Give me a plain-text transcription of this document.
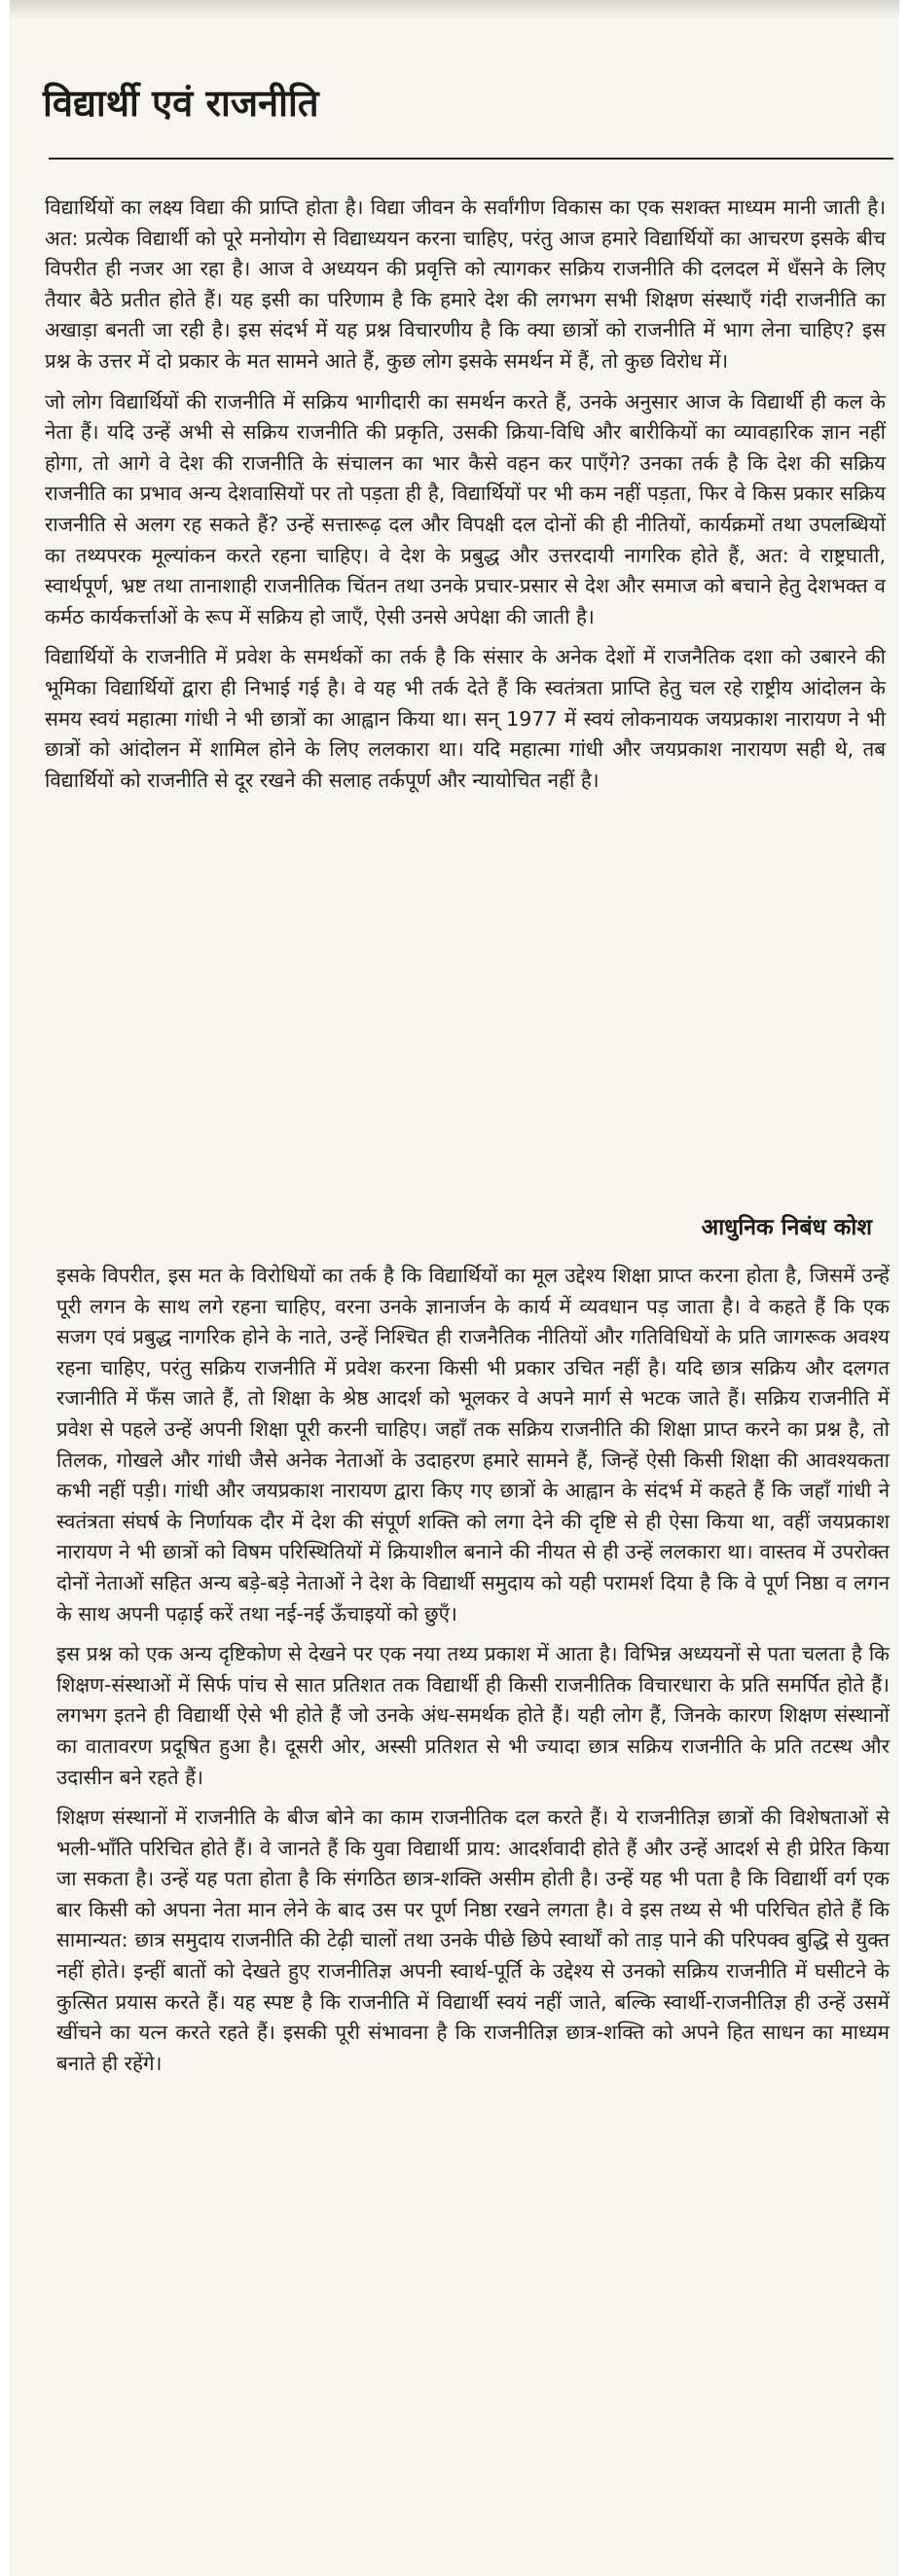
विद्यार्थी एवं राजनीति

विद्यार्थियों का लक्ष्य विद्या की प्राप्ति होता है। विद्या जीवन के सर्वांगीण विकास का एक सशक्त माध्यम मानी जाती है। अत: प्रत्येक विद्यार्थी को पूरे मनोयोग से विद्याध्ययन करना चाहिए, परंतु आज हमारे विद्यार्थियों का आचरण इसके बीच विपरीत ही नजर आ रहा है। आज वे अध्ययन की प्रवृत्ति को त्यागकर सक्रिय राजनीति की दलदल में धँसने के लिए तैयार बैठे प्रतीत होते हैं। यह इसी का परिणाम है कि हमारे देश की लगभग सभी शिक्षण संस्थाएँ गंदी राजनीति का अखाड़ा बनती जा रही है। इस संदर्भ में यह प्रश्न विचारणीय है कि क्या छात्रों को राजनीति में भाग लेना चाहिए? इस प्रश्न के उत्तर में दो प्रकार के मत सामने आते हैं, कुछ लोग इसके समर्थन में हैं, तो कुछ विरोध में।

जो लोग विद्यार्थियों की राजनीति में सक्रिय भागीदारी का समर्थन करते हैं, उनके अनुसार आज के विद्यार्थी ही कल के नेता हैं। यदि उन्हें अभी से सक्रिय राजनीति की प्रकृति, उसकी क्रिया-विधि और बारीकियों का व्यावहारिक ज्ञान नहीं होगा, तो आगे वे देश की राजनीति के संचालन का भार कैसे वहन कर पाएँगे? उनका तर्क है कि देश की सक्रिय राजनीति का प्रभाव अन्य देशवासियों पर तो पड़ता ही है, विद्यार्थियों पर भी कम नहीं पड़ता, फिर वे किस प्रकार सक्रिय राजनीति से अलग रह सकते हैं? उन्हें सत्तारूढ़ दल और विपक्षी दल दोनों की ही नीतियों, कार्यक्रमों तथा उपलब्धियों का तथ्यपरक मूल्यांकन करते रहना चाहिए। वे देश के प्रबुद्ध और उत्तरदायी नागरिक होते हैं, अत: वे राष्ट्रघाती, स्वार्थपूर्ण, भ्रष्ट तथा तानाशाही राजनीतिक चिंतन तथा उनके प्रचार-प्रसार से देश और समाज को बचाने हेतु देशभक्त व कर्मठ कार्यकर्त्ताओं के रूप में सक्रिय हो जाएँ, ऐसी उनसे अपेक्षा की जाती है।

विद्यार्थियों के राजनीति में प्रवेश के समर्थकों का तर्क है कि संसार के अनेक देशों में राजनैतिक दशा को उबारने की भूमिका विद्यार्थियों द्वारा ही निभाई गई है। वे यह भी तर्क देते हैं कि स्वतंत्रता प्राप्ति हेतु चल रहे राष्ट्रीय आंदोलन के समय स्वयं महात्मा गांधी ने भी छात्रों का आह्वान किया था। सन् 1977 में स्वयं लोकनायक जयप्रकाश नारायण ने भी छात्रों को आंदोलन में शामिल होने के लिए ललकारा था। यदि महात्मा गांधी और जयप्रकाश नारायण सही थे, तब विद्यार्थियों को राजनीति से दूर रखने की सलाह तर्कपूर्ण और न्यायोचित नहीं है।

आधुनिक निबंध कोश

इसके विपरीत, इस मत के विरोधियों का तर्क है कि विद्यार्थियों का मूल उद्देश्य शिक्षा प्राप्त करना होता है, जिसमें उन्हें पूरी लगन के साथ लगे रहना चाहिए, वरना उनके ज्ञानार्जन के कार्य में व्यवधान पड़ जाता है। वे कहते हैं कि एक सजग एवं प्रबुद्ध नागरिक होने के नाते, उन्हें निश्चित ही राजनैतिक नीतियों और गतिविधियों के प्रति जागरूक अवश्य रहना चाहिए, परंतु सक्रिय राजनीति में प्रवेश करना किसी भी प्रकार उचित नहीं है। यदि छात्र सक्रिय और दलगत रजानीति में फँस जाते हैं, तो शिक्षा के श्रेष्ठ आदर्श को भूलकर वे अपने मार्ग से भटक जाते हैं। सक्रिय राजनीति में प्रवेश से पहले उन्हें अपनी शिक्षा पूरी करनी चाहिए। जहाँ तक सक्रिय राजनीति की शिक्षा प्राप्त करने का प्रश्न है, तो तिलक, गोखले और गांधी जैसे अनेक नेताओं के उदाहरण हमारे सामने हैं, जिन्हें ऐसी किसी शिक्षा की आवश्यकता कभी नहीं पड़ी। गांधी और जयप्रकाश नारायण द्वारा किए गए छात्रों के आह्वान के संदर्भ में कहते हैं कि जहाँ गांधी ने स्वतंत्रता संघर्ष के निर्णायक दौर में देश की संपूर्ण शक्ति को लगा देने की दृष्टि से ही ऐसा किया था, वहीं जयप्रकाश नारायण ने भी छात्रों को विषम परिस्थितियों में क्रियाशील बनाने की नीयत से ही उन्हें ललकारा था। वास्तव में उपरोक्त दोनों नेताओं सहित अन्य बड़े-बड़े नेताओं ने देश के विद्यार्थी समुदाय को यही परामर्श दिया है कि वे पूर्ण निष्ठा व लगन के साथ अपनी पढ़ाई करें तथा नई-नई ऊँचाइयों को छुएँ।

इस प्रश्न को एक अन्य दृष्टिकोण से देखने पर एक नया तथ्य प्रकाश में आता है। विभिन्न अध्ययनों से पता चलता है कि शिक्षण-संस्थाओं में सिर्फ पांच से सात प्रतिशत तक विद्यार्थी ही किसी राजनीतिक विचारधारा के प्रति समर्पित होते हैं। लगभग इतने ही विद्यार्थी ऐसे भी होते हैं जो उनके अंध-समर्थक होते हैं। यही लोग हैं, जिनके कारण शिक्षण संस्थानों का वातावरण प्रदूषित हुआ है। दूसरी ओर, अस्सी प्रतिशत से भी ज्यादा छात्र सक्रिय राजनीति के प्रति तटस्थ और उदासीन बने रहते हैं।

शिक्षण संस्थानों में राजनीति के बीज बोने का काम राजनीतिक दल करते हैं। ये राजनीतिज्ञ छात्रों की विशेषताओं से भली-भाँति परिचित होते हैं। वे जानते हैं कि युवा विद्यार्थी प्राय: आदर्शवादी होते हैं और उन्हें आदर्श से ही प्रेरित किया जा सकता है। उन्हें यह पता होता है कि संगठित छात्र-शक्ति असीम होती है। उन्हें यह भी पता है कि विद्यार्थी वर्ग एक बार किसी को अपना नेता मान लेने के बाद उस पर पूर्ण निष्ठा रखने लगता है। वे इस तथ्य से भी परिचित होते हैं कि सामान्यत: छात्र समुदाय राजनीति की टेढ़ी चालों तथा उनके पीछे छिपे स्वार्थों को ताड़ पाने की परिपक्व बुद्धि से युक्त नहीं होते। इन्हीं बातों को देखते हुए राजनीतिज्ञ अपनी स्वार्थ-पूर्ति के उद्देश्य से उनको सक्रिय राजनीति में घसीटने के कुत्सित प्रयास करते हैं। यह स्पष्ट है कि राजनीति में विद्यार्थी स्वयं नहीं जाते, बल्कि स्वार्थी-राजनीतिज्ञ ही उन्हें उसमें खींचने का यत्न करते रहते हैं। इसकी पूरी संभावना है कि राजनीतिज्ञ छात्र-शक्ति को अपने हित साधन का माध्यम बनाते ही रहेंगे।
